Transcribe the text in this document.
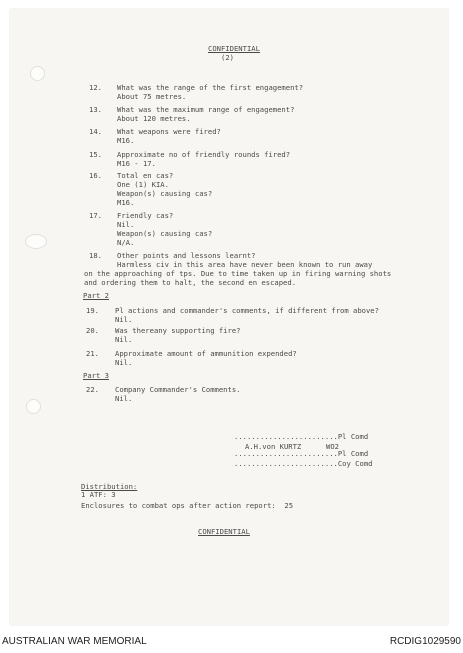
CONFIDENTIAL
(2)
12. What was the range of the first engagement?
About 75 metres.
13. What was the maximum range of engagement?
About 120 metres.
14. What weapons were fired?
M16.
15. Approximate no of friendly rounds fired?
M16 - 17.
16. Total en cas?
One (1) KIA.
Weapon(s) causing cas?
M16.
17. Friendly cas?
Nil.
Weapon(s) causing cas?
N/A.
18. Other points and lessons learnt?
Harmless civ in this area have never been known to run away
on the approaching of tps. Due to time taken up in firing warning shots
and ordering them to halt, the second en escaped.
Part 2
19. Pl actions and commander's comments, if different from above?
Nil.
20. Was thereany supporting fire?
Nil.
21. Approximate amount of ammunition expended?
Nil.
Part 3
22. Company Commander's Comments.
Nil.
........................Pl Comd
A.H.von KURTZ	WO2
........................Pl Comd
........................Coy Comd
Distribution:
1 ATF: 3
Enclosures to combat ops after action report:  25
CONFIDENTIAL
AUSTRALIAN WAR MEMORIAL	RCDIG1029590
